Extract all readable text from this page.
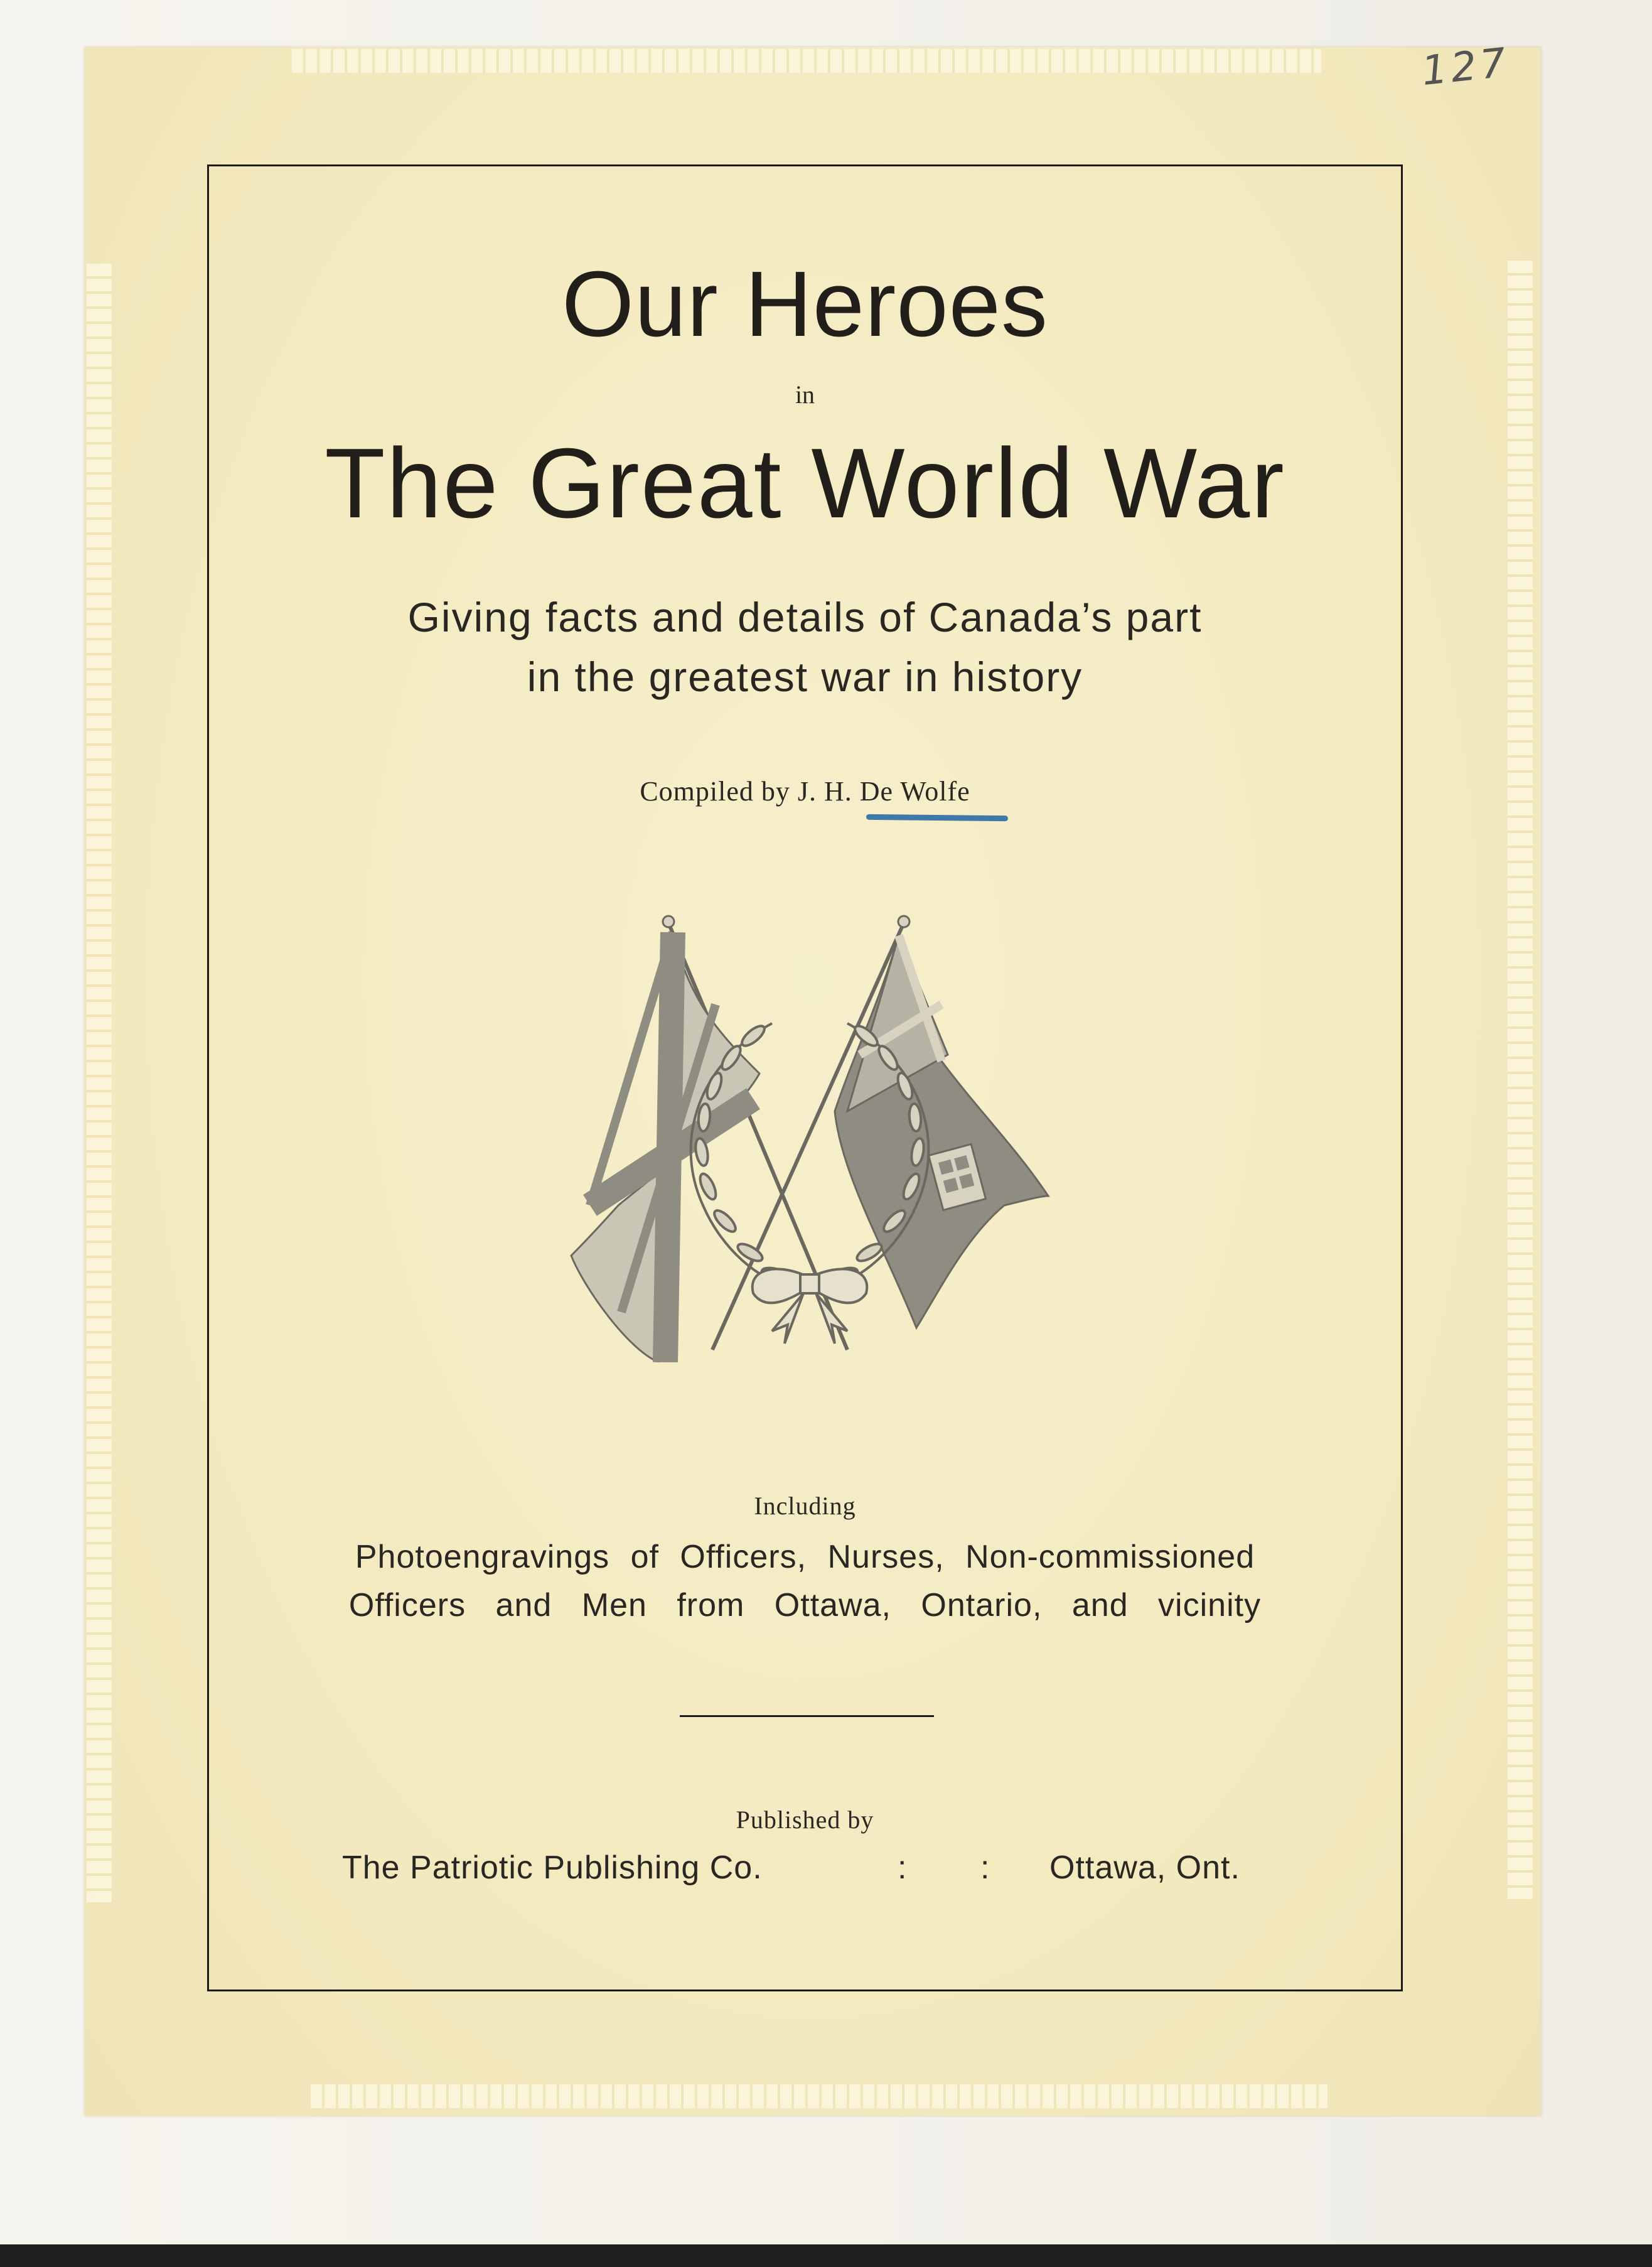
127
Our Heroes
in
The Great World War
Giving facts and details of Canada’s part
in the greatest war in history
Compiled by J. H. De Wolfe
Including
Photoengravings of Officers, Nurses, Non-commissioned
Officers and Men from Ottawa, Ontario, and vicinity
Published by
The Patriotic Publishing Co.	: : Ottawa, Ont.
